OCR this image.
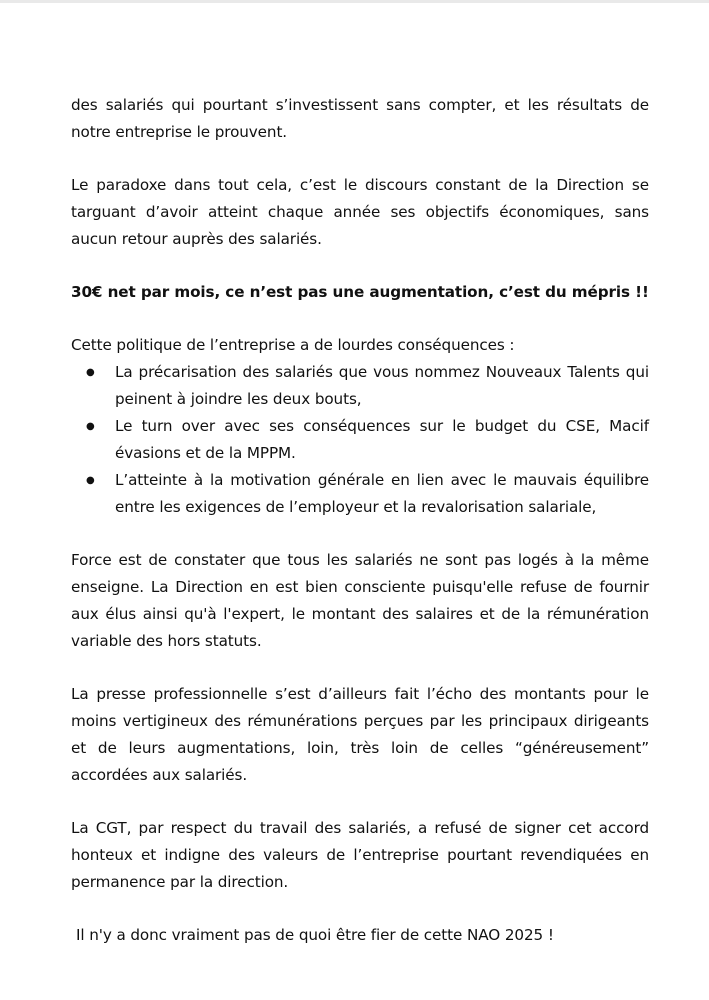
des salariés qui pourtant s’investissent sans compter, et les résultats de notre entreprise le prouvent.

Le paradoxe dans tout cela, c’est le discours constant de la Direction se targuant d’avoir atteint chaque année ses objectifs économiques, sans aucun retour auprès des salariés.

30€ net par mois, ce n’est pas une augmentation, c’est du mépris !!

Cette politique de l’entreprise a de lourdes conséquences :

● La précarisation des salariés que vous nommez Nouveaux Talents qui peinent à joindre les deux bouts,
● Le turn over avec ses conséquences sur le budget du CSE, Macif évasions et de la MPPM.
● L’atteinte à la motivation générale en lien avec le mauvais équilibre entre les exigences de l’employeur et la revalorisation salariale,

Force est de constater que tous les salariés ne sont pas logés à la même enseigne. La Direction en est bien consciente puisqu'elle refuse de fournir aux élus ainsi qu'à l'expert, le montant des salaires et de la rémunération variable des hors statuts.

La presse professionnelle s’est d’ailleurs fait l’écho des montants pour le moins vertigineux des rémunérations perçues par les principaux dirigeants et de leurs augmentations, loin, très loin de celles “généreusement” accordées aux salariés.

La CGT, par respect du travail des salariés, a refusé de signer cet accord honteux et indigne des valeurs de l’entreprise pourtant revendiquées en permanence par la direction.

Il n'y a donc vraiment pas de quoi être fier de cette NAO 2025 !
